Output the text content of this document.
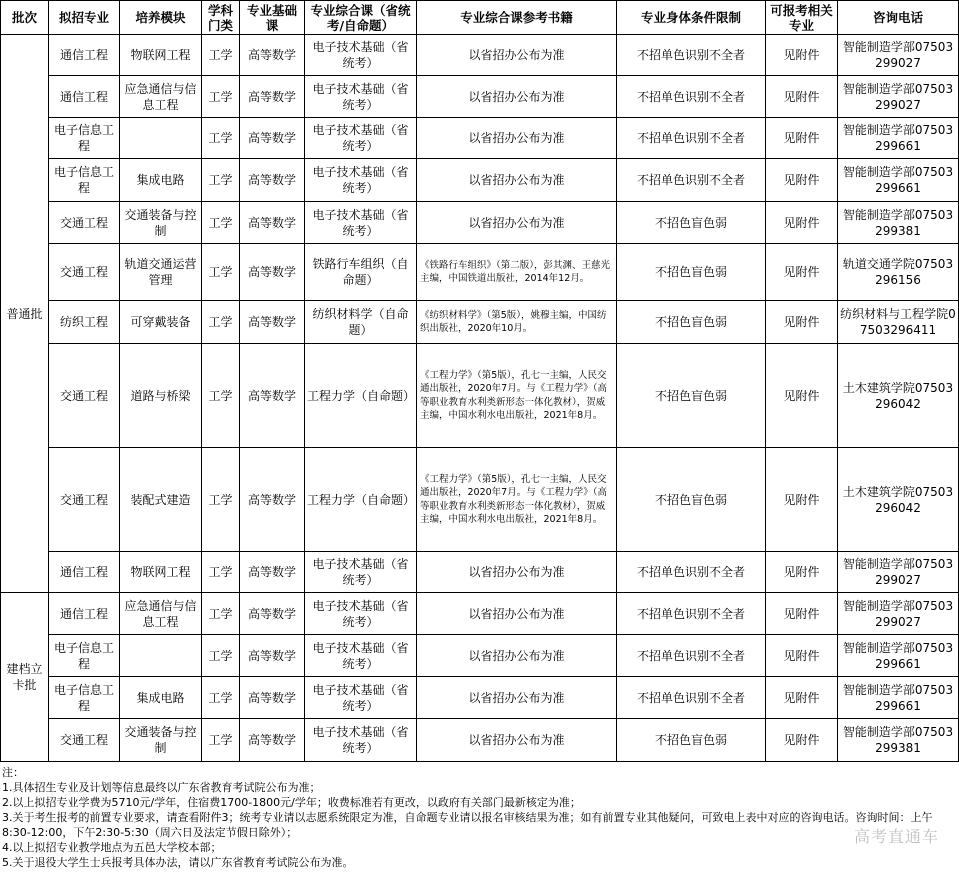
批次	拟招专业	培养模块	学科门类	专业基础课	专业综合课（省统考/自命题）	专业综合课参考书籍	专业身体条件限制	可报考相关专业	咨询电话
普通批	通信工程	物联网工程	工学	高等数学	电子技术基础（省统考）	以省招办公布为准	不招单色识别不全者	见附件	智能制造学部07503299027
	通信工程	应急通信与信息工程	工学	高等数学	电子技术基础（省统考）	以省招办公布为准	不招单色识别不全者	见附件	智能制造学部07503299027
	电子信息工程		工学	高等数学	电子技术基础（省统考）	以省招办公布为准	不招单色识别不全者	见附件	智能制造学部07503299661
	电子信息工程	集成电路	工学	高等数学	电子技术基础（省统考）	以省招办公布为准	不招单色识别不全者	见附件	智能制造学部07503299661
	交通工程	交通装备与控制	工学	高等数学	电子技术基础（省统考）	以省招办公布为准	不招色盲色弱	见附件	智能制造学部07503299381
	交通工程	轨道交通运营管理	工学	高等数学	铁路行车组织（自命题）	《铁路行车组织》（第二版），彭其渊、王慈光主编，中国铁道出版社，2014年12月。	不招色盲色弱	见附件	轨道交通学院07503296156
	纺织工程	可穿戴装备	工学	高等数学	纺织材料学（自命题）	《纺织材料学》（第5版），姚穆主编，中国纺织出版社，2020年10月。	不招色盲色弱	见附件	纺织材料与工程学院07503296411
	交通工程	道路与桥梁	工学	高等数学	工程力学（自命题）	《工程力学》（第5版），孔七一主编，人民交通出版社，2020年7月。与《工程力学》（高等职业教育水利类新形态一体化教材），贺威主编，中国水利水电出版社，2021年8月。	不招色盲色弱	见附件	土木建筑学院07503296042
	交通工程	装配式建造	工学	高等数学	工程力学（自命题）	《工程力学》（第5版），孔七一主编，人民交通出版社，2020年7月。与《工程力学》（高等职业教育水利类新形态一体化教材），贺威主编，中国水利水电出版社，2021年8月。	不招色盲色弱	见附件	土木建筑学院07503296042
	通信工程	物联网工程	工学	高等数学	电子技术基础（省统考）	以省招办公布为准	不招单色识别不全者	见附件	智能制造学部07503299027
建档立卡批	通信工程	应急通信与信息工程	工学	高等数学	电子技术基础（省统考）	以省招办公布为准	不招单色识别不全者	见附件	智能制造学部07503299027
	电子信息工程		工学	高等数学	电子技术基础（省统考）	以省招办公布为准	不招单色识别不全者	见附件	智能制造学部07503299661
	电子信息工程	集成电路	工学	高等数学	电子技术基础（省统考）	以省招办公布为准	不招单色识别不全者	见附件	智能制造学部07503299661
	交通工程	交通装备与控制	工学	高等数学	电子技术基础（省统考）	以省招办公布为准	不招色盲色弱	见附件	智能制造学部07503299381
注：
1.具体招生专业及计划等信息最终以广东省教育考试院公布为准；
2.以上拟招专业学费为5710元/学年，住宿费1700-1800元/学年；收费标准若有更改，以政府有关部门最新核定为准；
3.关于考生报考的前置专业要求，请查看附件3；统考专业请以志愿系统限定为准，自命题专业请以报名审核结果为准；如有前置专业其他疑问，可致电上表中对应的咨询电话。咨询时间：上午8:30-12:00，下午2:30-5:30（周六日及法定节假日除外）；
4.以上拟招专业教学地点为五邑大学校本部；
5.关于退役大学生士兵报考具体办法，请以广东省教育考试院公布为准。
高考直通车
